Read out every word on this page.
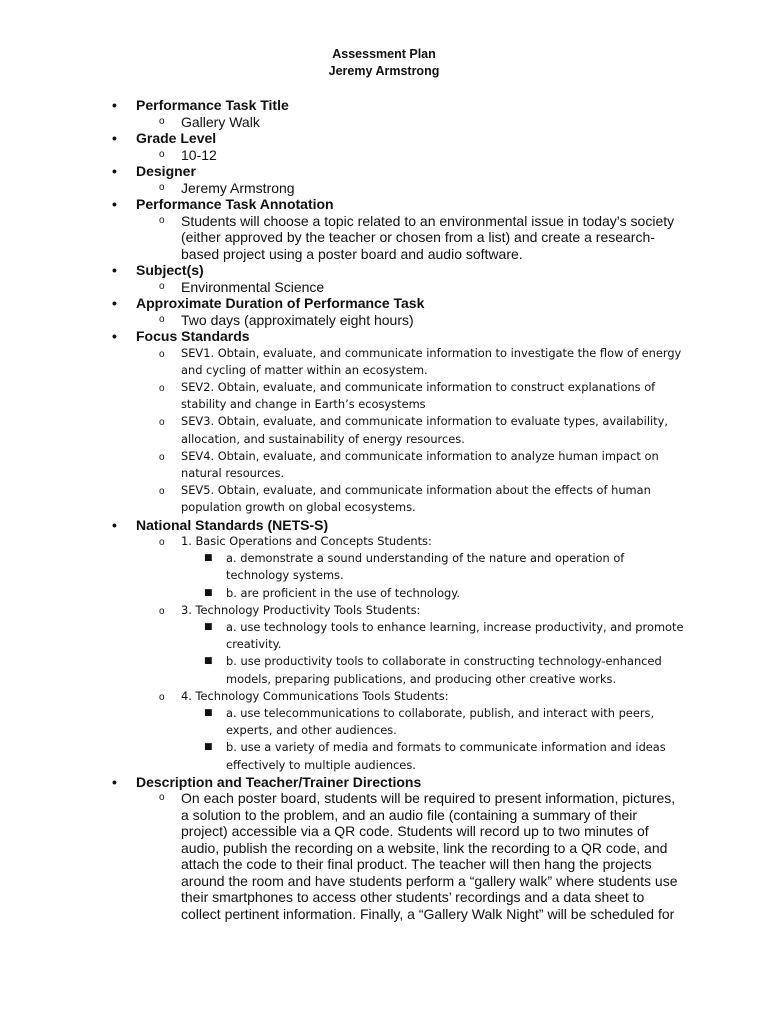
Assessment Plan
Jeremy Armstrong
• Performance Task Title
o Gallery Walk
• Grade Level
o 10-12
• Designer
o Jeremy Armstrong
• Performance Task Annotation
o Students will choose a topic related to an environmental issue in today’s society (either approved by the teacher or chosen from a list) and create a research-based project using a poster board and audio software.
• Subject(s)
o Environmental Science
• Approximate Duration of Performance Task
o Two days (approximately eight hours)
• Focus Standards
o SEV1. Obtain, evaluate, and communicate information to investigate the flow of energy and cycling of matter within an ecosystem.
o SEV2. Obtain, evaluate, and communicate information to construct explanations of stability and change in Earth’s ecosystems
o SEV3. Obtain, evaluate, and communicate information to evaluate types, availability, allocation, and sustainability of energy resources.
o SEV4. Obtain, evaluate, and communicate information to analyze human impact on natural resources.
o SEV5. Obtain, evaluate, and communicate information about the effects of human population growth on global ecosystems.
• National Standards (NETS-S)
o 1. Basic Operations and Concepts Students:
■ a. demonstrate a sound understanding of the nature and operation of technology systems.
■ b. are proficient in the use of technology.
o 3. Technology Productivity Tools Students:
■ a. use technology tools to enhance learning, increase productivity, and promote creativity.
■ b. use productivity tools to collaborate in constructing technology-enhanced models, preparing publications, and producing other creative works.
o 4. Technology Communications Tools Students:
■ a. use telecommunications to collaborate, publish, and interact with peers, experts, and other audiences.
■ b. use a variety of media and formats to communicate information and ideas effectively to multiple audiences.
• Description and Teacher/Trainer Directions
o On each poster board, students will be required to present information, pictures, a solution to the problem, and an audio file (containing a summary of their project) accessible via a QR code. Students will record up to two minutes of audio, publish the recording on a website, link the recording to a QR code, and attach the code to their final product. The teacher will then hang the projects around the room and have students perform a “gallery walk” where students use their smartphones to access other students’ recordings and a data sheet to collect pertinent information. Finally, a “Gallery Walk Night” will be scheduled for
